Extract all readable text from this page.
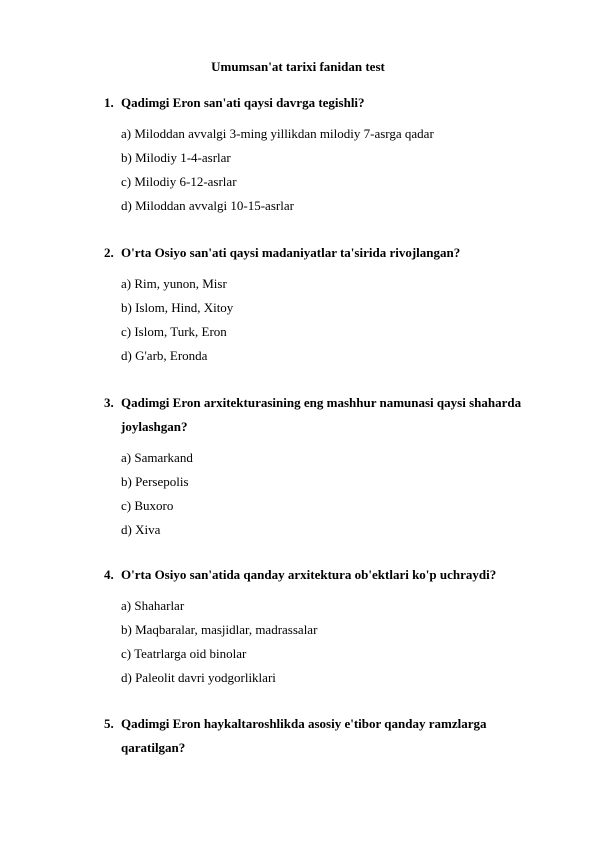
Umumsan'at tarixi fanidan test
1. Qadimgi Eron san'ati qaysi davrga tegishli?
a) Miloddan avvalgi 3-ming yillikdan milodiy 7-asrga qadar
b) Milodiy 1-4-asrlar
c) Milodiy 6-12-asrlar
d) Miloddan avvalgi 10-15-asrlar
2. O'rta Osiyo san'ati qaysi madaniyatlar ta'sirida rivojlangan?
a) Rim, yunon, Misr
b) Islom, Hind, Xitoy
c) Islom, Turk, Eron
d) G'arb, Eronda
3. Qadimgi Eron arxitekturasining eng mashhur namunasi qaysi shaharda joylashgan?
a) Samarkand
b) Persepolis
c) Buxoro
d) Xiva
4. O'rta Osiyo san'atida qanday arxitektura ob'ektlari ko'p uchraydi?
a) Shaharlar
b) Maqbaralar, masjidlar, madrassalar
c) Teatrlarga oid binolar
d) Paleolit davri yodgorliklari
5. Qadimgi Eron haykaltaroshlikda asosiy e'tibor qanday ramzlarga qaratilgan?
